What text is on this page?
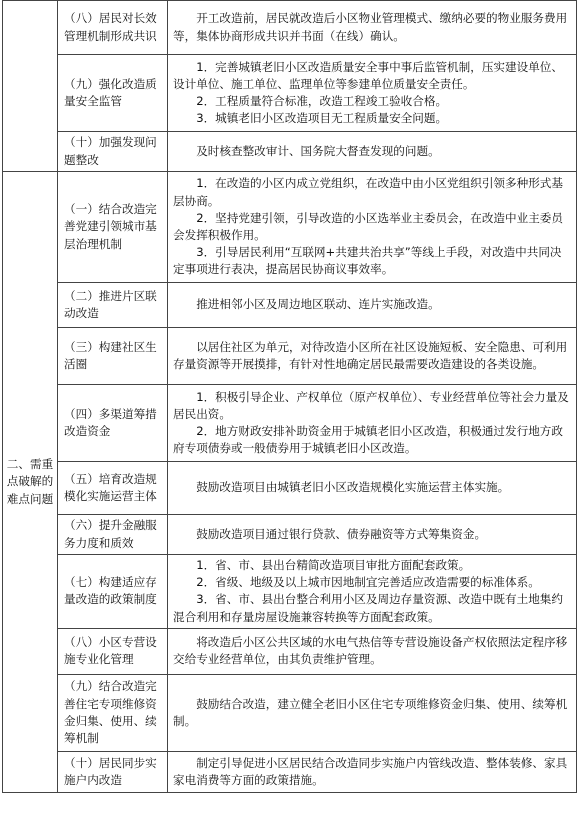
	（八）居民对长效管理机制形成共识	开工改造前，居民就改造后小区物业管理模式、缴纳必要的物业服务费用等，集体协商形成共识并书面（在线）确认。

	（九）强化改造质量安全监管	1．完善城镇老旧小区改造质量安全事中事后监管机制，压实建设单位、设计单位、施工单位、监理单位等参建单位质量安全责任。
2．工程质量符合标准，改造工程竣工验收合格。
3．城镇老旧小区改造项目无工程质量安全问题。

	（十）加强发现问题整改	及时核查整改审计、国务院大督查发现的问题。

二、需重点破解的难点问题	（一）结合改造完善党建引领城市基层治理机制	1．在改造的小区内成立党组织，在改造中由小区党组织引领多种形式基层协商。
2．坚持党建引领，引导改造的小区选举业主委员会，在改造中业主委员会发挥积极作用。
3．引导居民利用“互联网+共建共治共享”等线上手段，对改造中共同决定事项进行表决，提高居民协商议事效率。

	（二）推进片区联动改造	推进相邻小区及周边地区联动、连片实施改造。

	（三）构建社区生活圈	以居住社区为单元，对待改造小区所在社区设施短板、安全隐患、可利用存量资源等开展摸排，有针对性地确定居民最需要改造建设的各类设施。

	（四）多渠道筹措改造资金	1．积极引导企业、产权单位（原产权单位）、专业经营单位等社会力量及居民出资。
2．地方财政安排补助资金用于城镇老旧小区改造，积极通过发行地方政府专项债券或一般债券用于城镇老旧小区改造。

	（五）培育改造规模化实施运营主体	鼓励改造项目由城镇老旧小区改造规模化实施运营主体实施。

	（六）提升金融服务力度和质效	鼓励改造项目通过银行贷款、债券融资等方式筹集资金。

	（七）构建适应存量改造的政策制度	1．省、市、县出台精简改造项目审批方面配套政策。
2．省级、地级及以上城市因地制宜完善适应改造需要的标准体系。
3．省、市、县出台整合利用小区及周边存量资源、改造中既有土地集约混合利用和存量房屋设施兼容转换等方面配套政策。

	（八）小区专营设施专业化管理	将改造后小区公共区域的水电气热信等专营设施设备产权依照法定程序移交给专业经营单位，由其负责维护管理。

	（九）结合改造完善住宅专项维修资金归集、使用、续筹机制	鼓励结合改造，建立健全老旧小区住宅专项维修资金归集、使用、续筹机制。

	（十）居民同步实施户内改造	制定引导促进小区居民结合改造同步实施户内管线改造、整体装修、家具家电消费等方面的政策措施。
